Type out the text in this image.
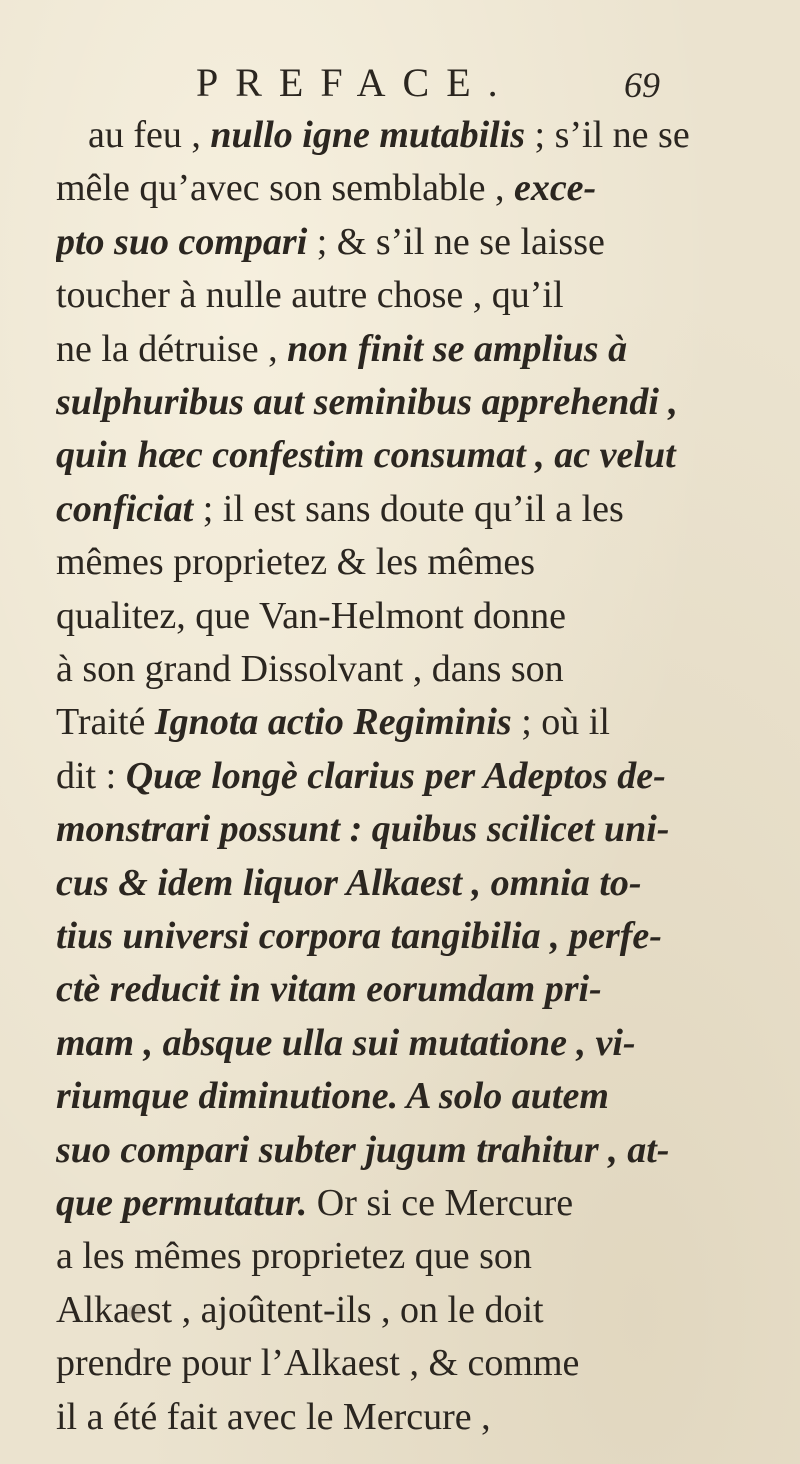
PREFACE.	69
au feu , nullo igne mutabilis ; s’il ne se
mêle qu’avec son semblable , exce-
pto suo compari ; & s’il ne se laisse
toucher à nulle autre chose , qu’il
ne la détruise , non finit se amplius à
sulphuribus aut seminibus apprehendi ,
quin hæc confestim consumat , ac velut
conficiat ; il est sans doute qu’il a les
mêmes proprietez & les mêmes
qualitez, que Van-Helmont donne
à son grand Dissolvant , dans son
Traité Ignota actio Regiminis ; où il
dit : Quæ longè clarius per Adeptos de-
monstrari possunt : quibus scilicet uni-
cus & idem liquor Alkaest , omnia to-
tius universi corpora tangibilia , perfe-
ctè reducit in vitam eorumdam pri-
mam , absque ulla sui mutatione , vi-
riumque diminutione. A solo autem
suo compari subter jugum trahitur , at-
que permutatur. Or si ce Mercure
a les mêmes proprietez que son
Alkaest , ajoûtent-ils , on le doit
prendre pour l’Alkaest , & comme
il a été fait avec le Mercure ,
